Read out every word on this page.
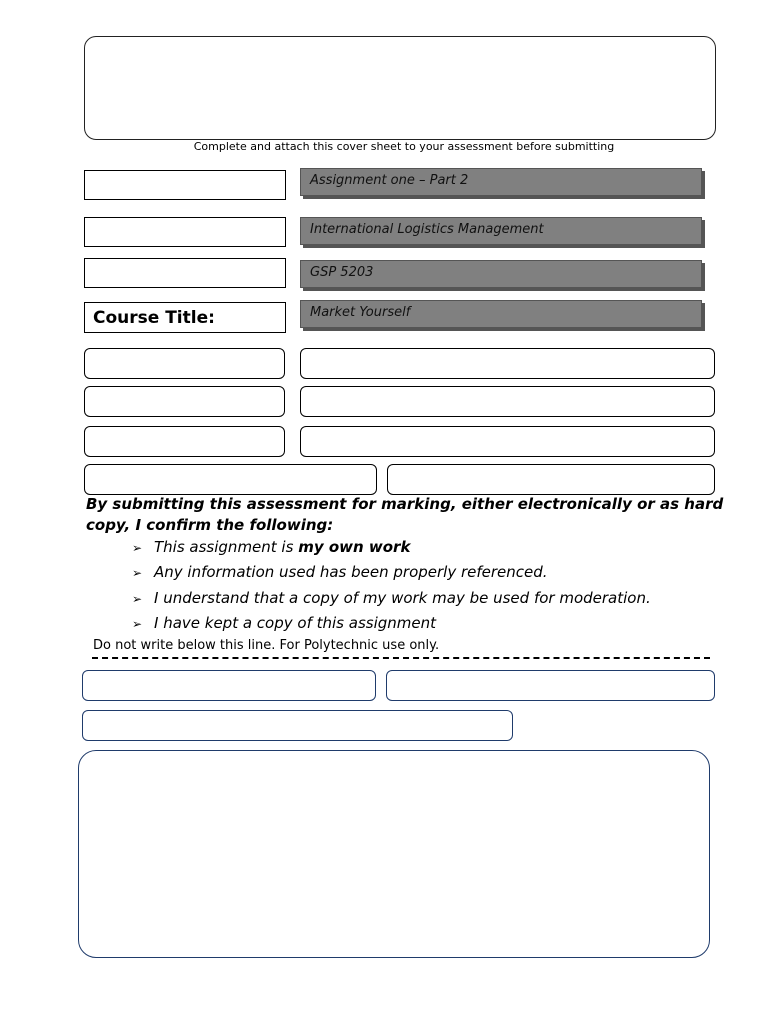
Complete and attach this cover sheet to your assessment before submitting
Assignment one – Part 2
International Logistics Management
GSP 5203
Course Title:	Market Yourself
By submitting this assessment for marking, either electronically or as hard copy, I confirm the following:
➢ This assignment is my own work
➢ Any information used has been properly referenced.
➢ I understand that a copy of my work may be used for moderation.
➢ I have kept a copy of this assignment
Do not write below this line. For Polytechnic use only.
